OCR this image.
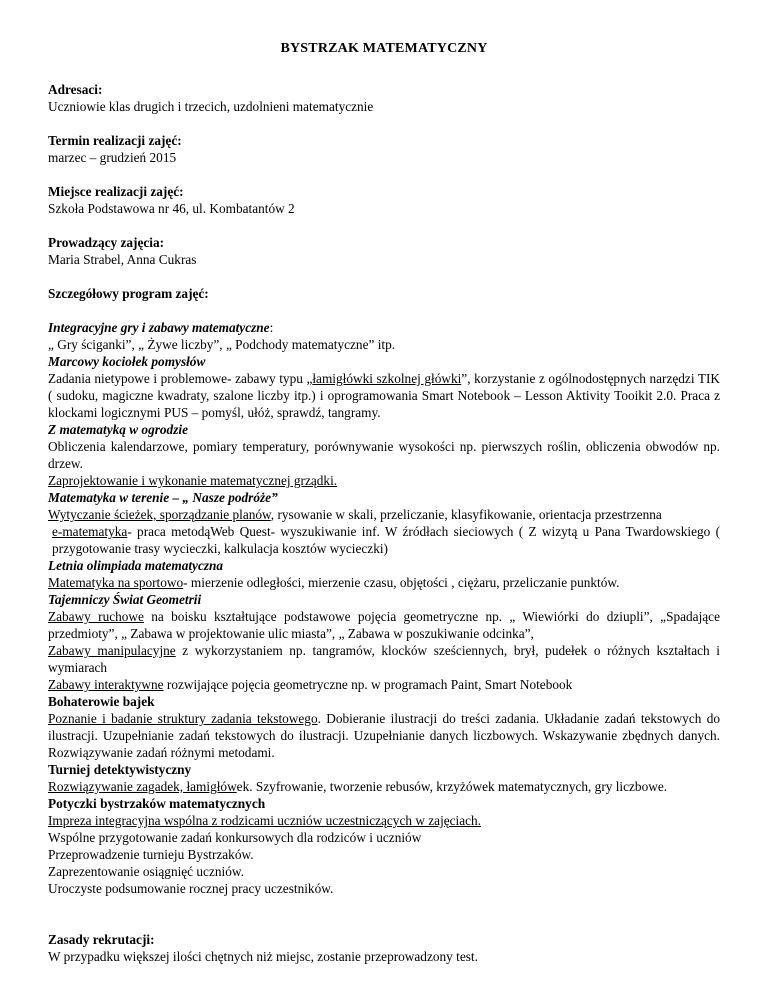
BYSTRZAK MATEMATYCZNY
Adresaci:
Uczniowie klas drugich i trzecich, uzdolnieni matematycznie
Termin realizacji zajęć:
marzec – grudzień 2015
Miejsce realizacji zajęć:
Szkoła Podstawowa nr 46, ul. Kombatantów 2
Prowadzący zajęcia:
Maria Strabel, Anna Cukras
Szczegółowy program zajęć:

Integracyjne gry i zabawy matematyczne:

„ Gry ściganki”, „ Żywe liczby”, „ Podchody matematyczne” itp.

Marcowy kociołek pomysłów

Zadania nietypowe i problemowe- zabawy typu „łamigłówki szkolnej główki”, korzystanie z ogólnodostępnych narzędzi TIK ( sudoku, magiczne kwadraty, szalone liczby itp.) i oprogramowania Smart Notebook – Lesson Aktivity Tooikit 2.0. Praca z klockami logicznymi PUS – pomyśl, ułóż, sprawdź, tangramy.

Z matematyką w ogrodzie

Obliczenia kalendarzowe, pomiary temperatury, porównywanie wysokości np. pierwszych roślin, obliczenia obwodów np. drzew.

Zaprojektowanie i wykonanie matematycznej grządki.

Matematyka w terenie – „ Nasze podróże”

Wytyczanie ścieżek, sporządzanie planów, rysowanie w skali, przeliczanie, klasyfikowanie, orientacja przestrzenna

e-matematyka- praca metodąWeb Quest- wyszukiwanie inf. W źródłach sieciowych ( Z wizytą u Pana Twardowskiego ( przygotowanie trasy wycieczki, kalkulacja kosztów wycieczki)

Letnia olimpiada matematyczna

Matematyka na sportowo- mierzenie odległości, mierzenie czasu, objętości , ciężaru, przeliczanie punktów.

Tajemniczy Świat Geometrii

Zabawy ruchowe na boisku kształtujące podstawowe pojęcia geometryczne np. „ Wiewiórki do dziupli”, „Spadające przedmioty”, „ Zabawa w projektowanie ulic miasta”, „ Zabawa w poszukiwanie odcinka”,

Zabawy manipulacyjne z wykorzystaniem np. tangramów, klocków sześciennych, brył, pudełek o różnych kształtach i wymiarach

Zabawy interaktywne rozwijające pojęcia geometryczne np. w programach Paint, Smart Notebook

Bohaterowie bajek

Poznanie i badanie struktury zadania tekstowego. Dobieranie ilustracji do treści zadania. Układanie zadań tekstowych do ilustracji. Uzupełnianie zadań tekstowych do ilustracji. Uzupełnianie danych liczbowych. Wskazywanie zbędnych danych. Rozwiązywanie zadań różnymi metodami.

Turniej detektywistyczny

Rozwiązywanie zagadek, łamigłówek. Szyfrowanie, tworzenie rebusów, krzyżówek matematycznych, gry liczbowe.

Potyczki bystrzaków matematycznych

Impreza integracyjna wspólna z rodzicami uczniów uczestniczących w zajęciach.

Wspólne przygotowanie zadań konkursowych dla rodziców i uczniów

Przeprowadzenie turnieju Bystrzaków.

Zaprezentowanie osiągnięć uczniów.

Uroczyste podsumowanie rocznej pracy uczestników.

Zasady rekrutacji:
W przypadku większej ilości chętnych niż miejsc, zostanie przeprowadzony test.
